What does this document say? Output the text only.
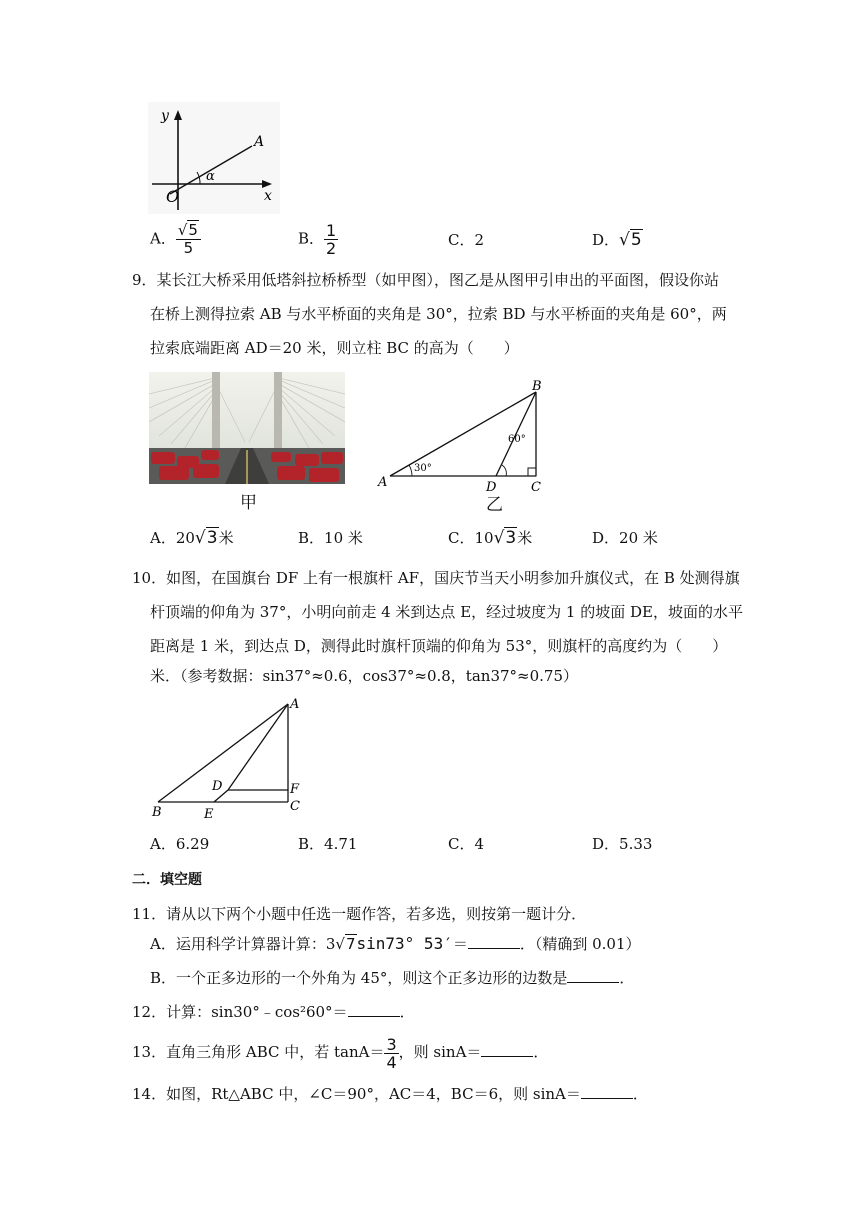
x
y
O
A
α
A． $\frac{√5}{5}$	B． $\frac{1}{2}$	C．2	D．√5
9．某长江大桥采用低塔斜拉桥桥型（如甲图），图乙是从图甲引申出的平面图，假设你站
在桥上测得拉索 AB 与水平桥面的夹角是 30°，拉索 BD 与水平桥面的夹角是 60°，两
拉索底端距离 AD＝20 米，则立柱 BC 的高为（　　）
甲
30°
60°
A
B
C
D
乙
A．20√3米	B．10 米	C．10√3米	D．20 米
10．如图，在国旗台 DF 上有一根旗杆 AF，国庆节当天小明参加升旗仪式，在 B 处测得旗
杆顶端的仰角为 37°，小明向前走 4 米到达点 E，经过坡度为 1 的坡面 DE，坡面的水平
距离是 1 米，到达点 D，测得此时旗杆顶端的仰角为 53°，则旗杆的高度约为（　　）
米．（参考数据：sin37°≈0.6，cos37°≈0.8，tan37°≈0.75）
A
B	C
D
E
F
A．6.29	B．4.71	C．4	D．5.33
二．填空题
11．请从以下两个小题中任选一题作答，若多选，则按第一题计分．
A．运用科学计算器计算：3√7sin73° 53′＝	．（精确到 0.01）
B．一个正多边形的一个外角为 45°，则这个正多边形的边数是	．
12．计算：sin30°﹣cos²60°＝	．
13．直角三角形 ABC 中，若 $\tan A= \frac{3}{4}$ ，则 sinA＝	．
14．如图，Rt△ABC 中，∠C＝90°，AC＝4，BC＝6，则 sinA＝	．
